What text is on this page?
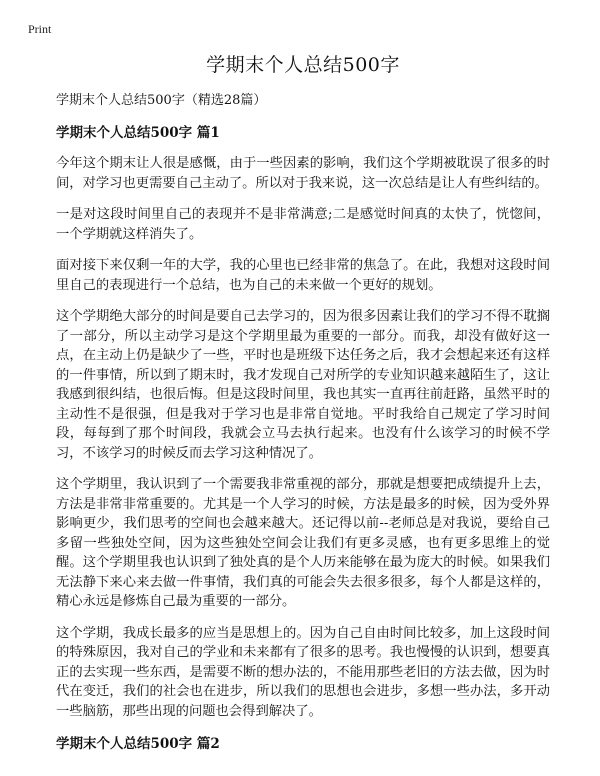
Print
学期末个人总结500字

学期末个人总结500字（精选28篇）

学期末个人总结500字 篇1

今年这个期末让人很是感慨，由于一些因素的影响，我们这个学期被耽误了很多的时间，对学习也更需要自己主动了。所以对于我来说，这一次总结是让人有些纠结的。

一是对这段时间里自己的表现并不是非常满意;二是感觉时间真的太快了，恍惚间，一个学期就这样消失了。

面对接下来仅剩一年的大学，我的心里也已经非常的焦急了。在此，我想对这段时间里自己的表现进行一个总结，也为自己的未来做一个更好的规划。

这个学期绝大部分的时间是要自己去学习的，因为很多因素让我们的学习不得不耽搁了一部分，所以主动学习是这个学期里最为重要的一部分。而我，却没有做好这一点，在主动上仍是缺少了一些，平时也是班级下达任务之后，我才会想起来还有这样的一件事情，所以到了期末时，我才发现自己对所学的专业知识越来越陌生了，这让我感到很纠结，也很后悔。但是这段时间里，我也其实一直再往前赶路，虽然平时的主动性不是很强，但是我对于学习也是非常自觉地。平时我给自己规定了学习时间段，每每到了那个时间段，我就会立马去执行起来。也没有什么该学习的时候不学习，不该学习的时候反而去学习这种情况了。

这个学期里，我认识到了一个需要我非常重视的部分，那就是想要把成绩提升上去，方法是非常非常重要的。尤其是一个人学习的时候，方法是最多的时候，因为受外界影响更少，我们思考的空间也会越来越大。还记得以前--老师总是对我说，要给自己多留一些独处空间，因为这些独处空间会让我们有更多灵感，也有更多思维上的觉醒。这个学期里我也认识到了独处真的是个人历来能够在最为庞大的时候。如果我们无法静下来心来去做一件事情，我们真的可能会失去很多很多，每个人都是这样的，精心永远是修炼自己最为重要的一部分。

这个学期，我成长最多的应当是思想上的。因为自己自由时间比较多，加上这段时间的特殊原因，我对自己的学业和未来都有了很多的思考。我也慢慢的认识到，想要真正的去实现一些东西，是需要不断的想办法的，不能用那些老旧的方法去做，因为时代在变迁，我们的社会也在进步，所以我们的思想也会进步，多想一些办法，多开动一些脑筋，那些出现的问题也会得到解决了。

学期末个人总结500字 篇2
